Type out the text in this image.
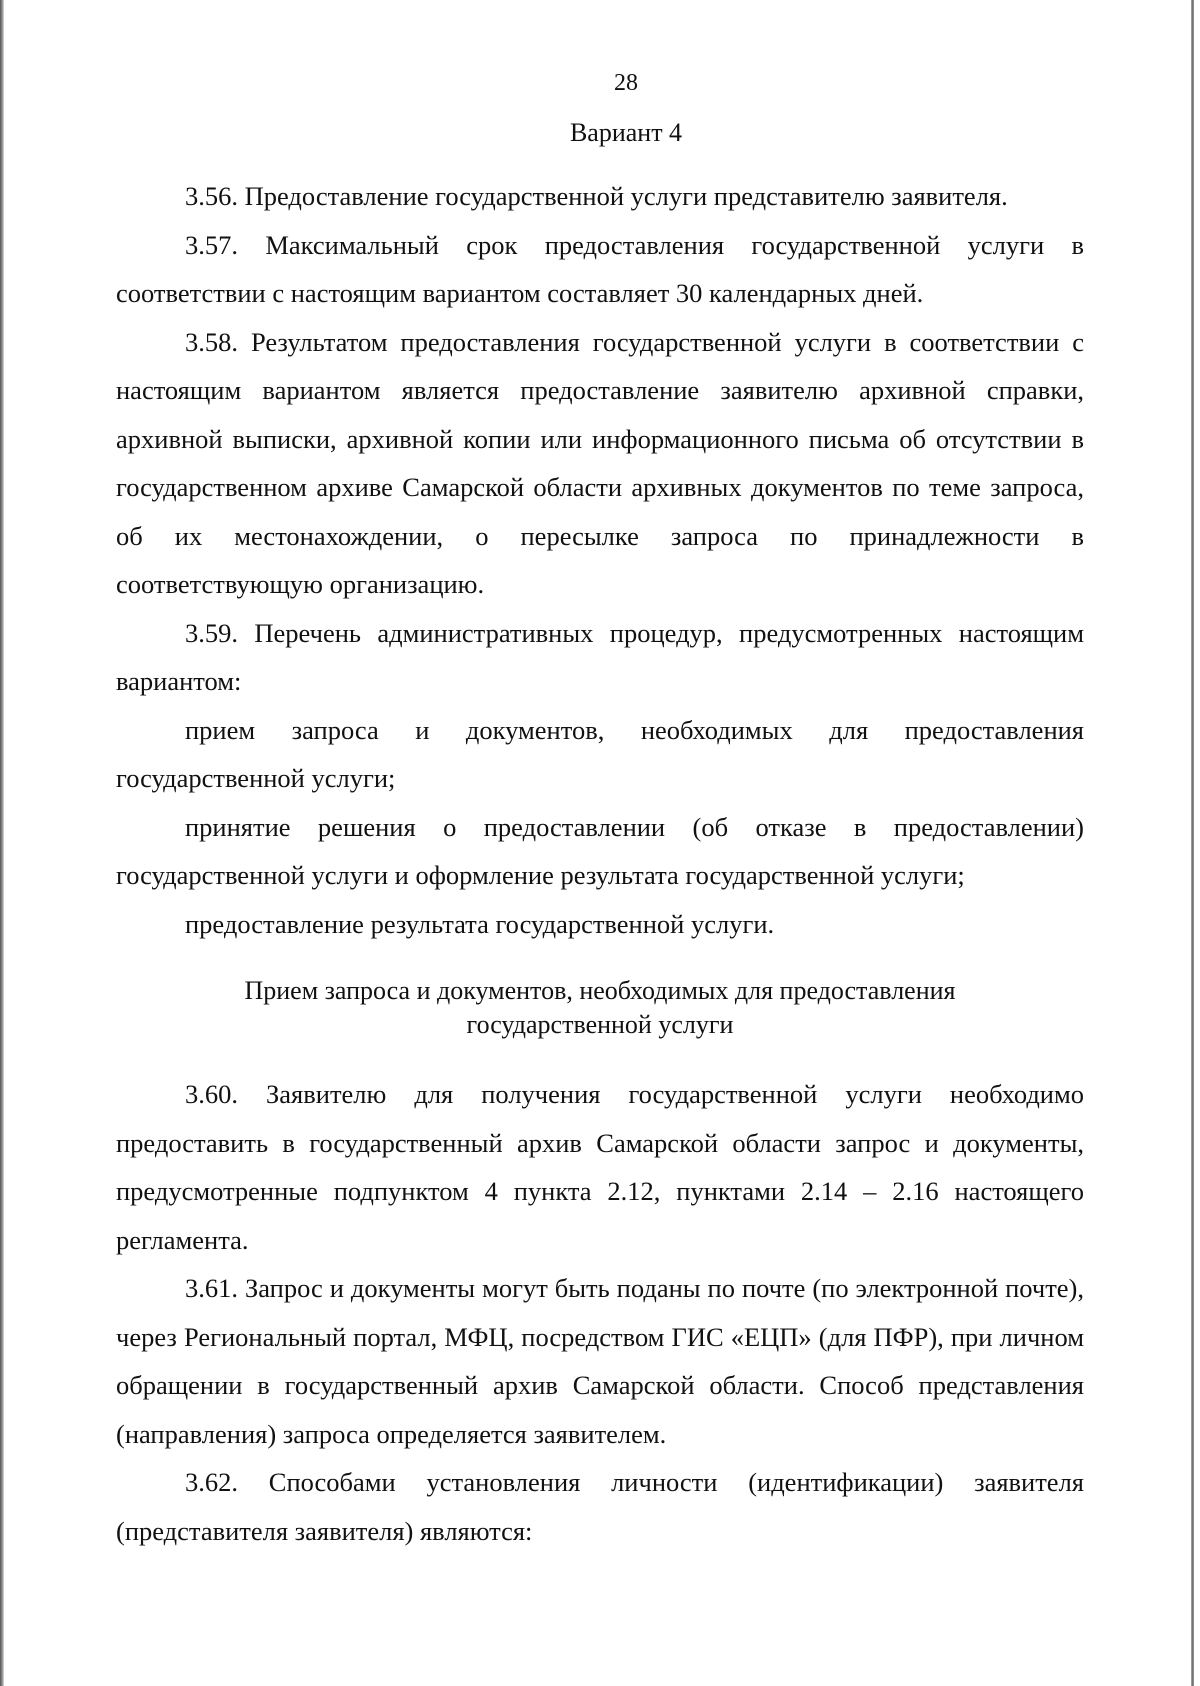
28
Вариант 4

3.56. Предоставление государственной услуги представителю заявителя.

3.57. Максимальный срок предоставления государственной услуги в соответствии с настоящим вариантом составляет 30 календарных дней.

3.58. Результатом предоставления государственной услуги в соответствии с настоящим вариантом является предоставление заявителю архивной справки, архивной выписки, архивной копии или информационного письма об отсутствии в государственном архиве Самарской области архивных документов по теме запроса, об их местонахождении, о пересылке запроса по принадлежности в соответствующую организацию.

3.59. Перечень административных процедур, предусмотренных настоящим вариантом:

прием запроса и документов, необходимых для предоставления государственной услуги;

принятие решения о предоставлении (об отказе в предоставлении) государственной услуги и оформление результата государственной услуги;

предоставление результата государственной услуги.

Прием запроса и документов, необходимых для предоставления
государственной услуги

3.60. Заявителю для получения государственной услуги необходимо предоставить в государственный архив Самарской области запрос и документы, предусмотренные подпунктом 4 пункта 2.12, пунктами 2.14 – 2.16 настоящего регламента.

3.61. Запрос и документы могут быть поданы по почте (по электронной почте), через Региональный портал, МФЦ, посредством ГИС «ЕЦП» (для ПФР), при личном обращении в государственный архив Самарской области. Способ представления (направления) запроса определяется заявителем.

3.62. Способами установления личности (идентификации) заявителя (представителя заявителя) являются:
